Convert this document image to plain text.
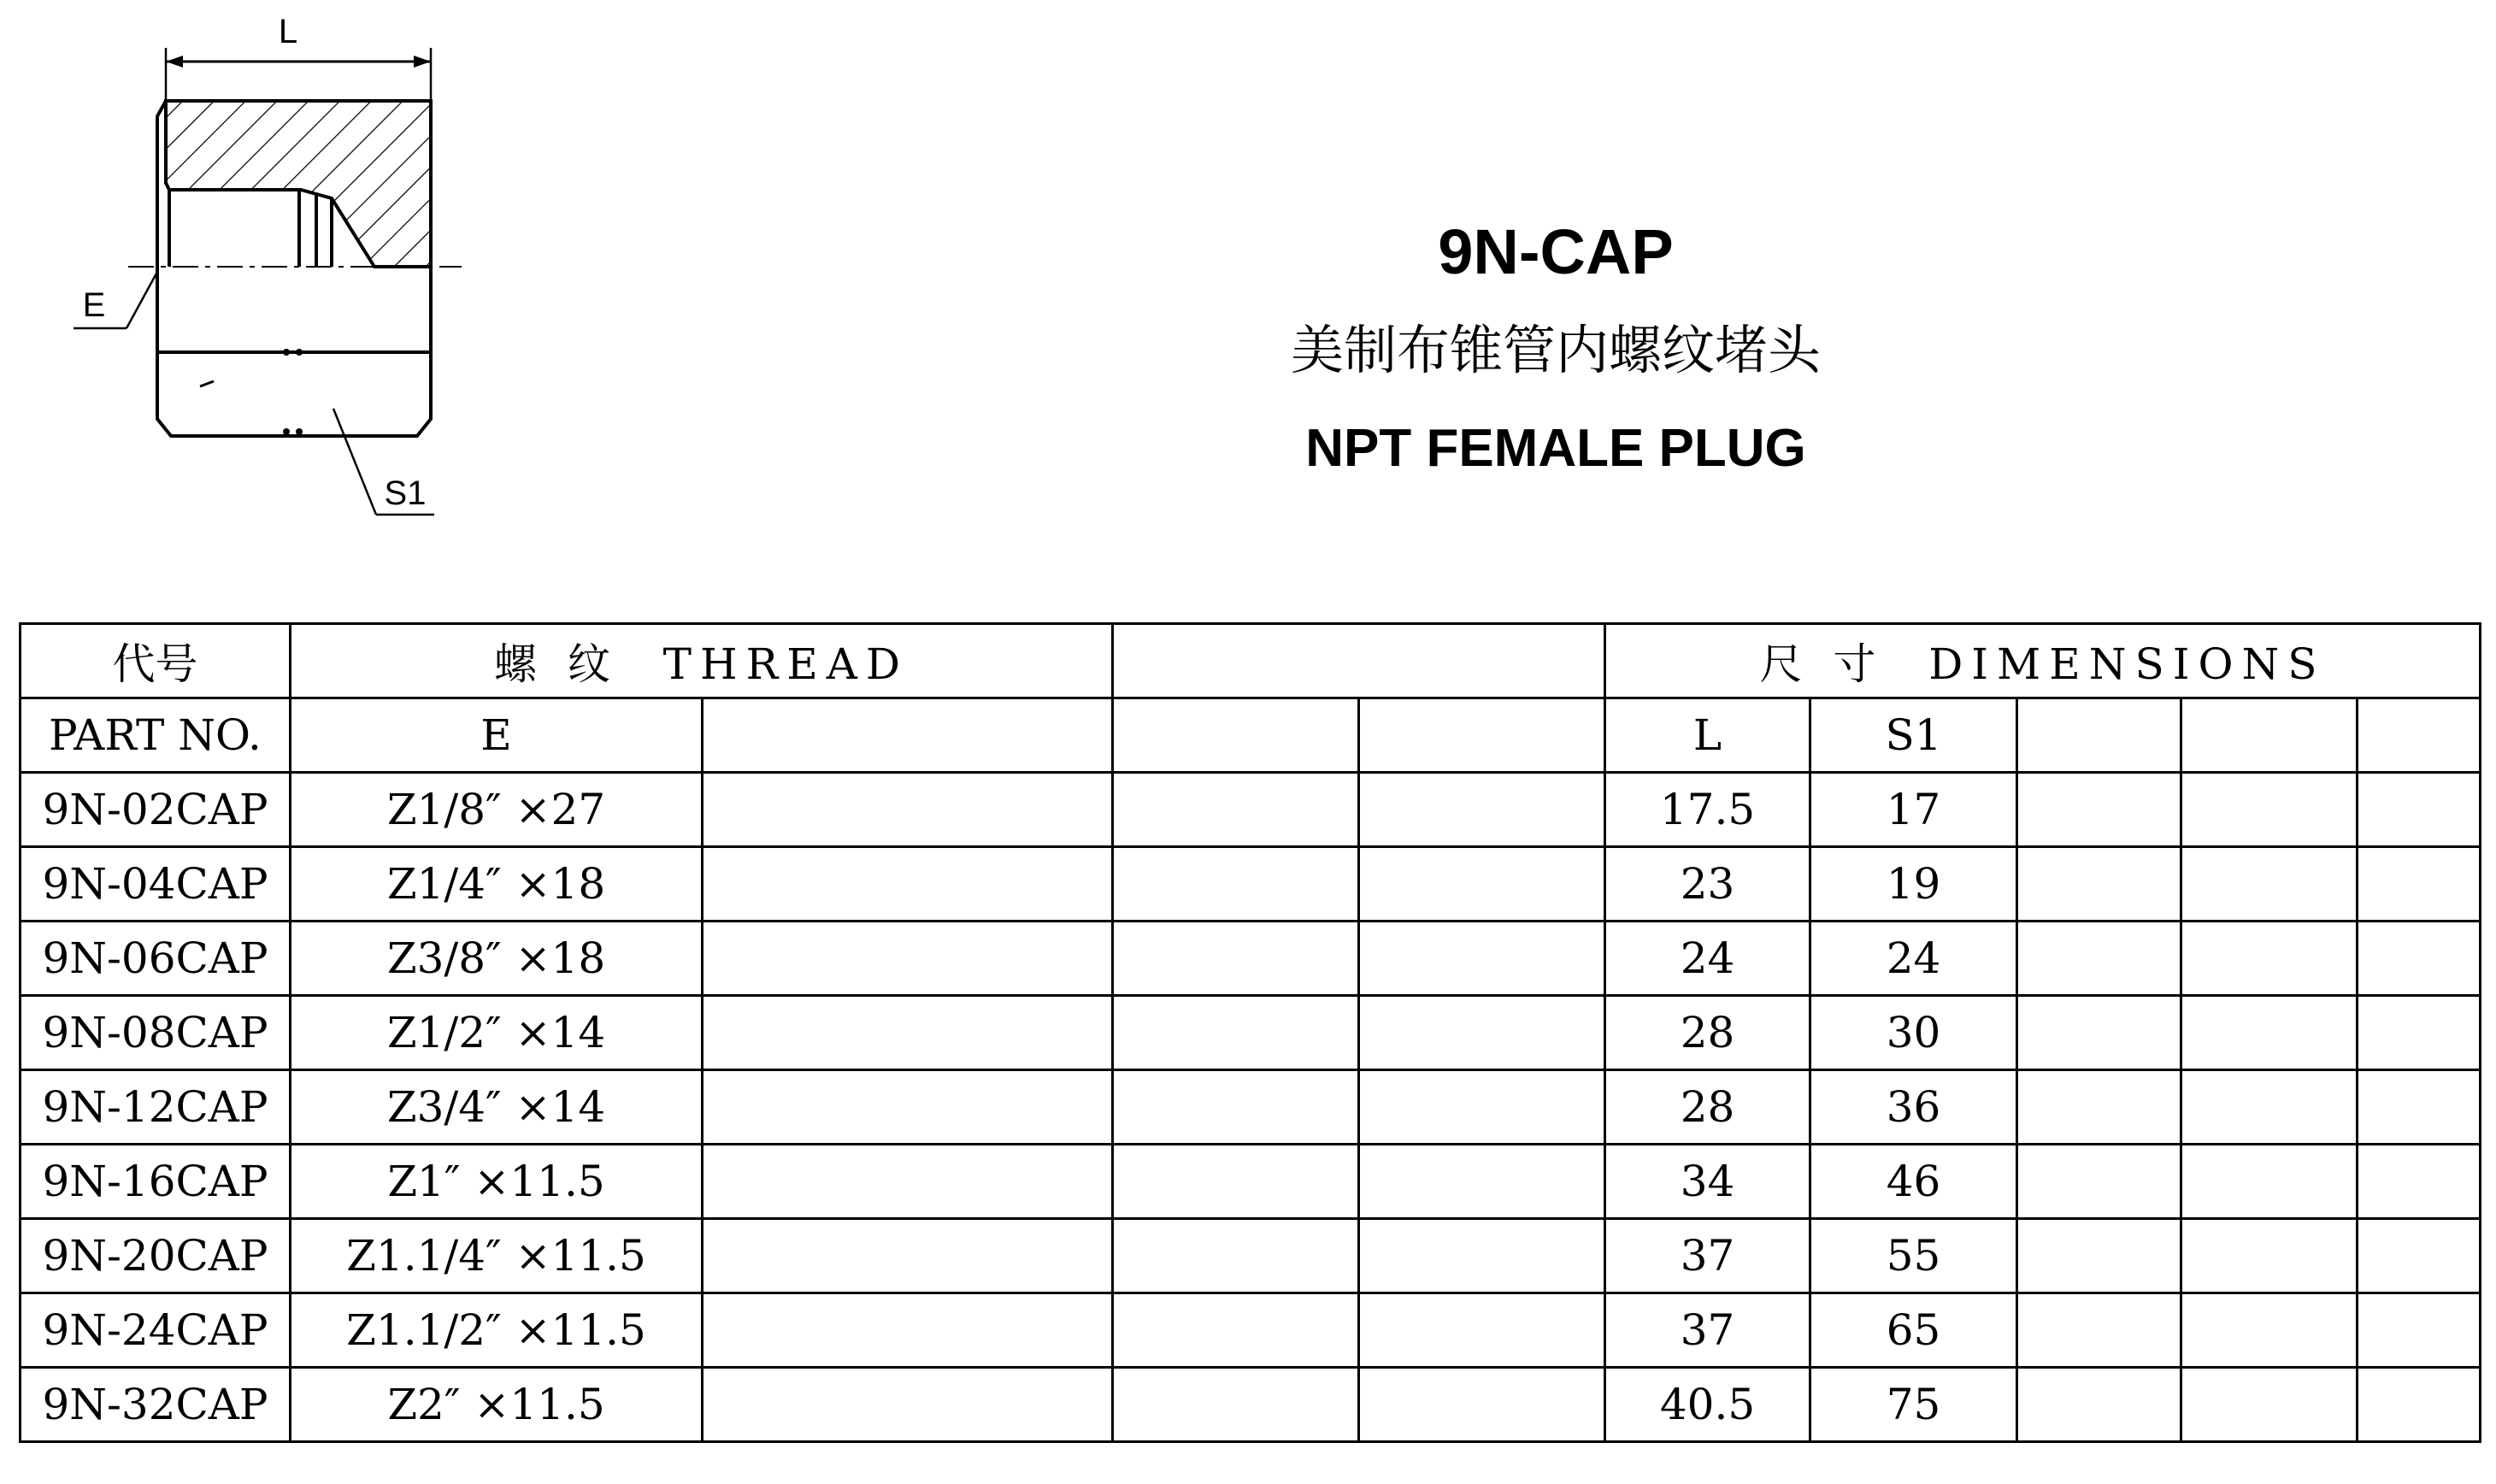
L
E
S1
9N-CAP
美制布锥管内螺纹堵头
NPT FEMALE PLUG
代号	螺 纹  THREAD				尺 寸  DIMENSIONS				
PART NO.	E				L	S1			
9N-02CAP	Z1/8″ ×27				17.5	17			
9N-04CAP	Z1/4″ ×18				23	19			
9N-06CAP	Z3/8″ ×18				24	24			
9N-08CAP	Z1/2″ ×14				28	30			
9N-12CAP	Z3/4″ ×14				28	36			
9N-16CAP	Z1″ ×11.5				34	46			
9N-20CAP	Z1.1/4″ ×11.5				37	55			
9N-24CAP	Z1.1/2″ ×11.5				37	65			
9N-32CAP	Z2″ ×11.5				40.5	75			
